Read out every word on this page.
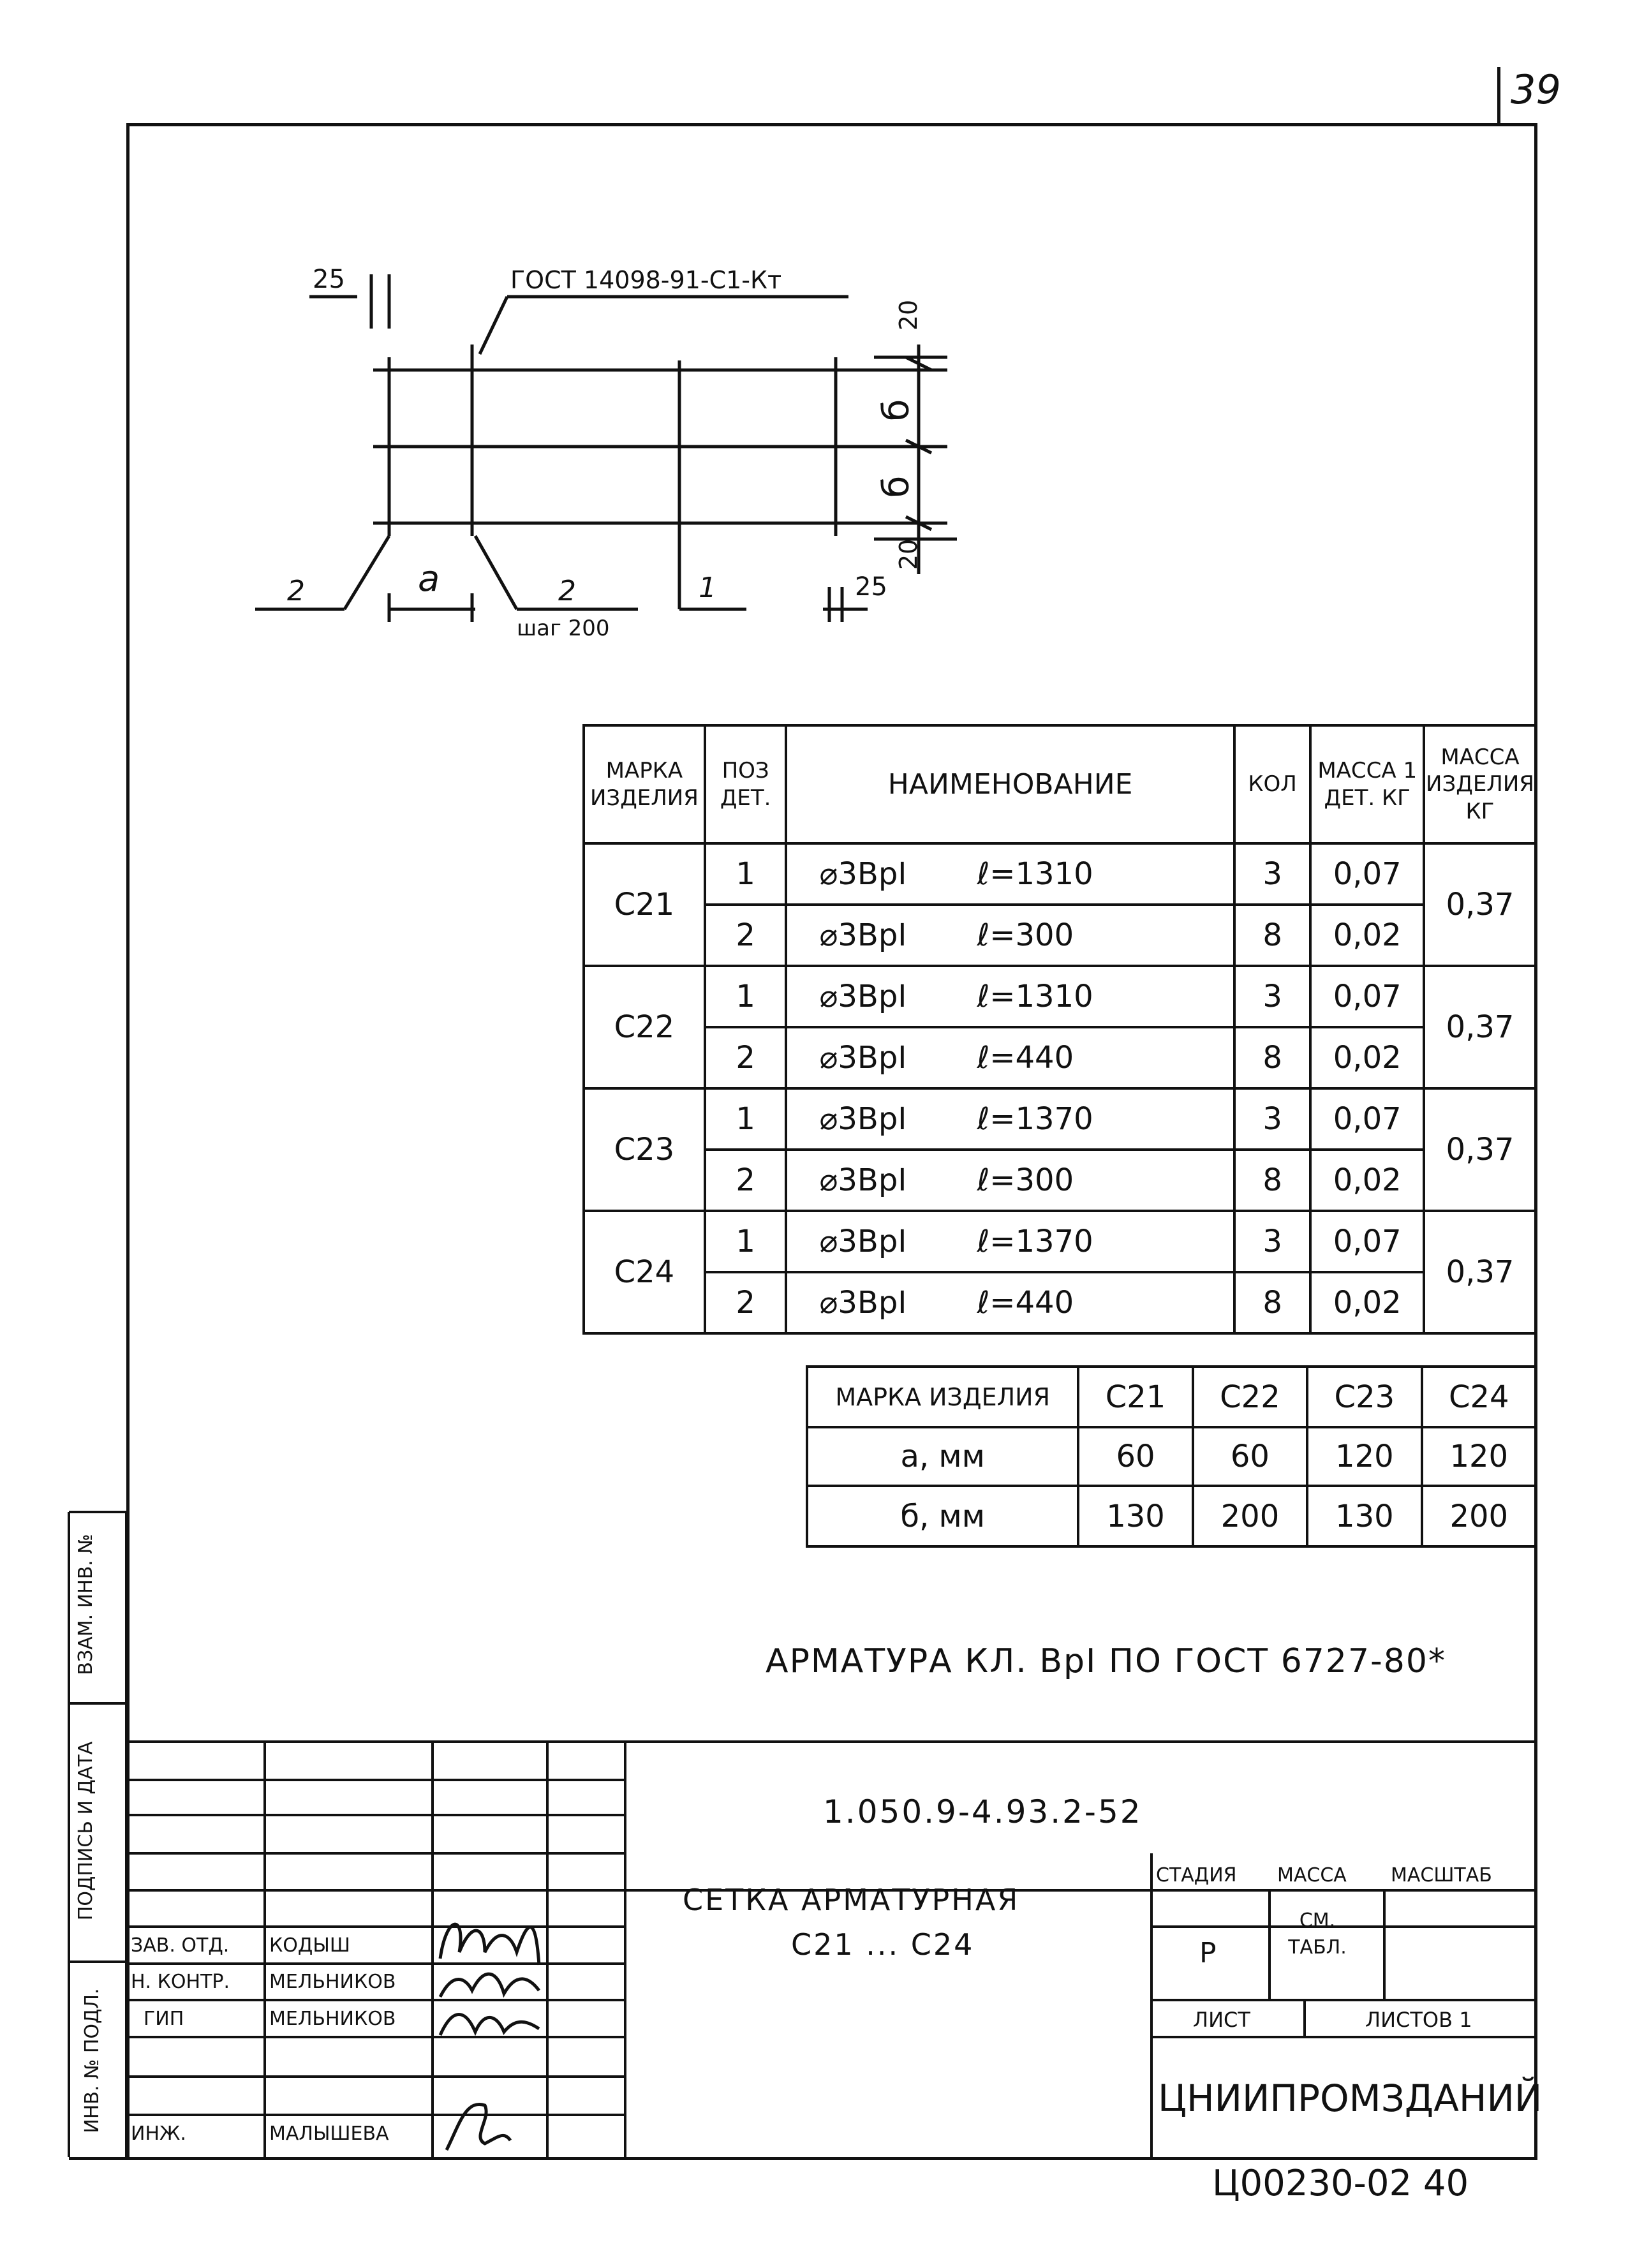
39
ГОСТ 14098-91-С1-Кт
25
20
б
б
20
25
2	a	2	1
шаг 200
МАРКА ИЗДЕЛИЯ	ПОЗ ДЕТ.	НАИМЕНОВАНИЕ	КОЛ	МАССА 1 ДЕТ. КГ	МАССА ИЗДЕЛИЯ КГ
С21	1	⌀3ВрI ℓ=1310	3	0,07	0,37
	2	⌀3ВрI ℓ=300	8	0,02	
С22	1	⌀3ВрI ℓ=1310	3	0,07	0,37
	2	⌀3ВрI ℓ=440	8	0,02	
С23	1	⌀3ВрI ℓ=1370	3	0,07	0,37
	2	⌀3ВрI ℓ=300	8	0,02	
С24	1	⌀3ВрI ℓ=1370	3	0,07	0,37
	2	⌀3ВрI ℓ=440	8	0,02	
МАРКА ИЗДЕЛИЯ	С21	С22	С23	С24
а, мм	60	60	120	120
б, мм	130	200	130	200
АРМАТУРА КЛ. ВрI ПО ГОСТ 6727-80*
1.050.9-4.93.2-52
СЕТКА АРМАТУРНАЯ
С21 ... С24
СТАДИЯ МАССА МАСШТАБ
Р
СМ. ТАБЛ.
ЛИСТ	ЛИСТОВ 1
ЦНИИПРОМЗДАНИЙ
ЗАВ. ОТД. КОДЫШ
Н. КОНТР. МЕЛЬНИКОВ
ГИП	МЕЛЬНИКОВ
ИНЖ.	МАЛЫШЕВА
ВЗАМ. ИНВ. №
ПОДПИСЬ И ДАТА
ИНВ. № ПОДЛ.
Ц00230-02 40
